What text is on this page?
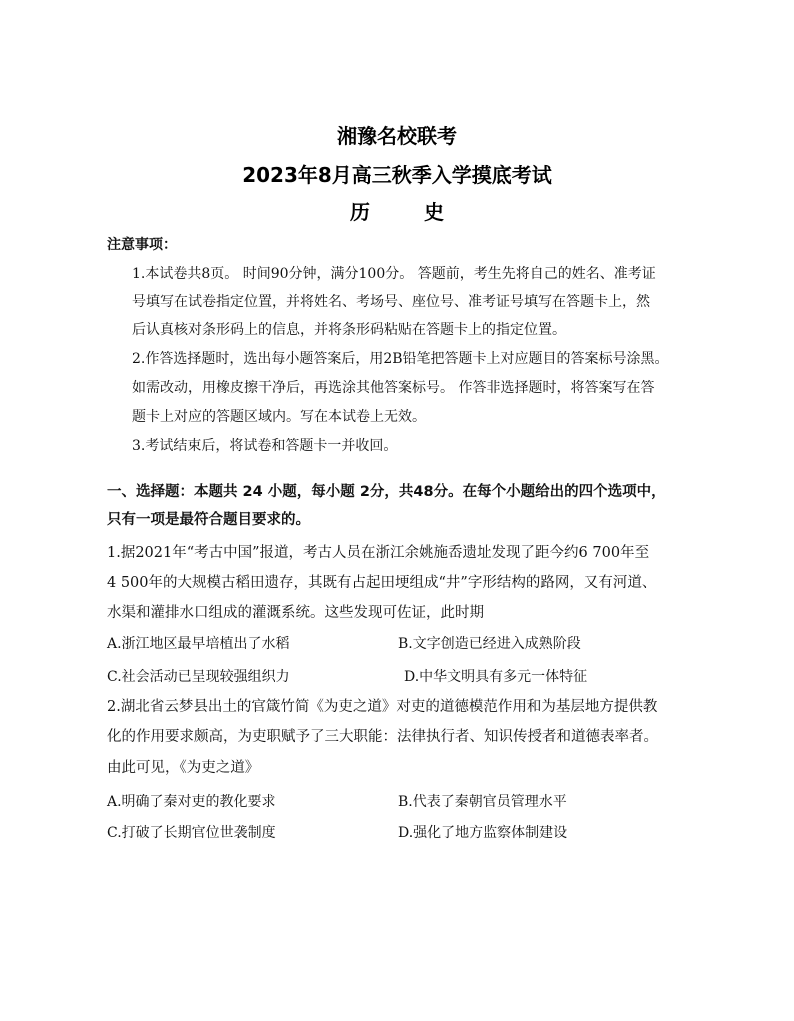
湘豫名校联考
2023年8月高三秋季入学摸底考试
历	史
注意事项：
1.本试卷共8页。 时间90分钟，满分100分。 答题前，考生先将自己的姓名、准考证
号填写在试卷指定位置，并将姓名、考场号、座位号、准考证号填写在答题卡上，然
后认真核对条形码上的信息，并将条形码粘贴在答题卡上的指定位置。
2.作答选择题时，选出每小题答案后，用2B铅笔把答题卡上对应题目的答案标号涂黑。
如需改动，用橡皮擦干净后，再选涂其他答案标号。 作答非选择题时，将答案写在答
题卡上对应的答题区域内。写在本试卷上无效。
3.考试结束后，将试卷和答题卡一并收回。
一、选择题：本题共 24 小题，每小题 2分，共48分。在每个小题给出的四个选项中，
只有一项是最符合题目要求的。
1.据2021年“考古中国”报道，考古人员在浙江余姚施岙遗址发现了距今约6 700年至
4 500年的大规模古稻田遗存，其既有占起田埂组成“井”字形结构的路网，又有河道、
水渠和灌排水口组成的灌溉系统。这些发现可佐证，此时期
A.浙江地区最早培植出了水稻	B.文字创造已经进入成熟阶段
C.社会活动已呈现较强组织力	D.中华文明具有多元一体特征
2.湖北省云梦县出土的官箴竹简《为吏之道》对吏的道德模范作用和为基层地方提供教
化的作用要求颇高，为吏职赋予了三大职能：法律执行者、知识传授者和道德表率者。
由此可见，《为吏之道》
A.明确了秦对吏的教化要求	B.代表了秦朝官员管理水平
C.打破了长期官位世袭制度	D.强化了地方监察体制建设
